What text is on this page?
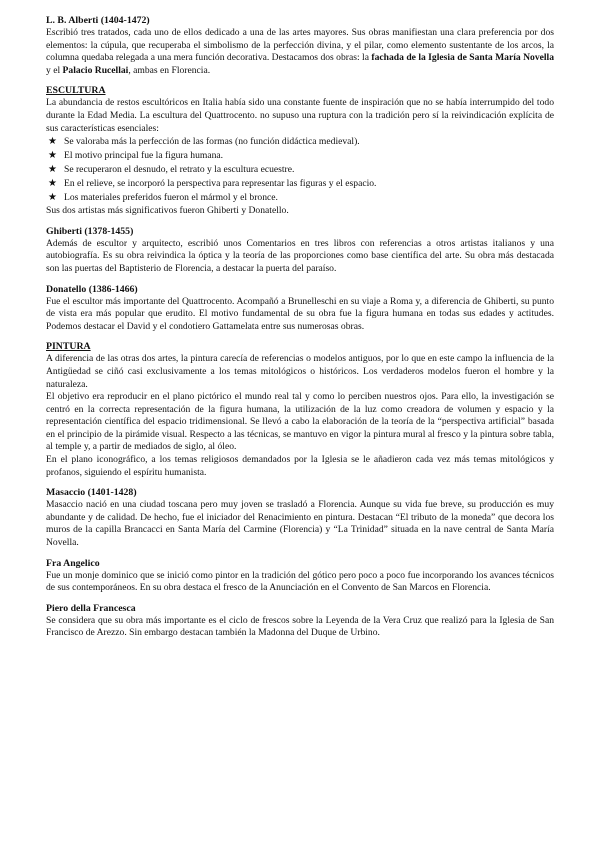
L. B. Alberti (1404-1472)

Escribió tres tratados, cada uno de ellos dedicado a una de las artes mayores. Sus obras manifiestan una clara preferencia por dos elementos: la cúpula, que recuperaba el simbolismo de la perfección divina, y el pilar, como elemento sustentante de los arcos, la columna quedaba relegada a una mera función decorativa. Destacamos dos obras: la fachada de la Iglesia de Santa María Novella y el Palacio Rucellai, ambas en Florencia.

ESCULTURA

La abundancia de restos escultóricos en Italia había sido una constante fuente de inspiración que no se había interrumpido del todo durante la Edad Media. La escultura del Quattrocento. no supuso una ruptura con la tradición pero sí la reivindicación explícita de sus características esenciales:

★ Se valoraba más la perfección de las formas (no función didáctica medieval).
★ El motivo principal fue la figura humana.
★ Se recuperaron el desnudo, el retrato y la escultura ecuestre.
★ En el relieve, se incorporó la perspectiva para representar las figuras y el espacio.
★ Los materiales preferidos fueron el mármol y el bronce.

Sus dos artistas más significativos fueron Ghiberti y Donatello.

Ghiberti (1378-1455)

Además de escultor y arquitecto, escribió unos Comentarios en tres libros con referencias a otros artistas italianos y una autobiografía. Es su obra reivindica la óptica y la teoría de las proporciones como base científica del arte. Su obra más destacada son las puertas del Baptisterio de Florencia, a destacar la puerta del paraíso.

Donatello (1386-1466)

Fue el escultor más importante del Quattrocento. Acompañó a Brunelleschi en su viaje a Roma y, a diferencia de Ghiberti, su punto de vista era más popular que erudito. El motivo fundamental de su obra fue la figura humana en todas sus edades y actitudes. Podemos destacar el David y el condotiero Gattamelata entre sus numerosas obras.

PINTURA

A diferencia de las otras dos artes, la pintura carecía de referencias o modelos antiguos, por lo que en este campo la influencia de la Antigüedad se ciñó casi exclusivamente a los temas mitológicos o históricos. Los verdaderos modelos fueron el hombre y la naturaleza.

El objetivo era reproducir en el plano pictórico el mundo real tal y como lo perciben nuestros ojos. Para ello, la investigación se centró en la correcta representación de la figura humana, la utilización de la luz como creadora de volumen y espacio y la representación científica del espacio tridimensional. Se llevó a cabo la elaboración de la teoría de la “perspectiva artificial” basada en el principio de la pirámide visual. Respecto a las técnicas, se mantuvo en vigor la pintura mural al fresco y la pintura sobre tabla, al temple y, a partir de mediados de siglo, al óleo.

En el plano iconográfico, a los temas religiosos demandados por la Iglesia se le añadieron cada vez más temas mitológicos y profanos, siguiendo el espíritu humanista.

Masaccio (1401-1428)

Masaccio nació en una ciudad toscana pero muy joven se trasladó a Florencia. Aunque su vida fue breve, su producción es muy abundante y de calidad. De hecho, fue el iniciador del Renacimiento en pintura. Destacan “El tributo de la moneda” que decora los muros de la capilla Brancacci en Santa María del Carmine (Florencia) y “La Trinidad” situada en la nave central de Santa María Novella.

Fra Angelico

Fue un monje dominico que se inició como pintor en la tradición del gótico pero poco a poco fue incorporando los avances técnicos de sus contemporáneos. En su obra destaca el fresco de la Anunciación en el Convento de San Marcos en Florencia.

Piero della Francesca

Se considera que su obra más importante es el ciclo de frescos sobre la Leyenda de la Vera Cruz que realizó para la Iglesia de San Francisco de Arezzo. Sin embargo destacan también la Madonna del Duque de Urbino.
